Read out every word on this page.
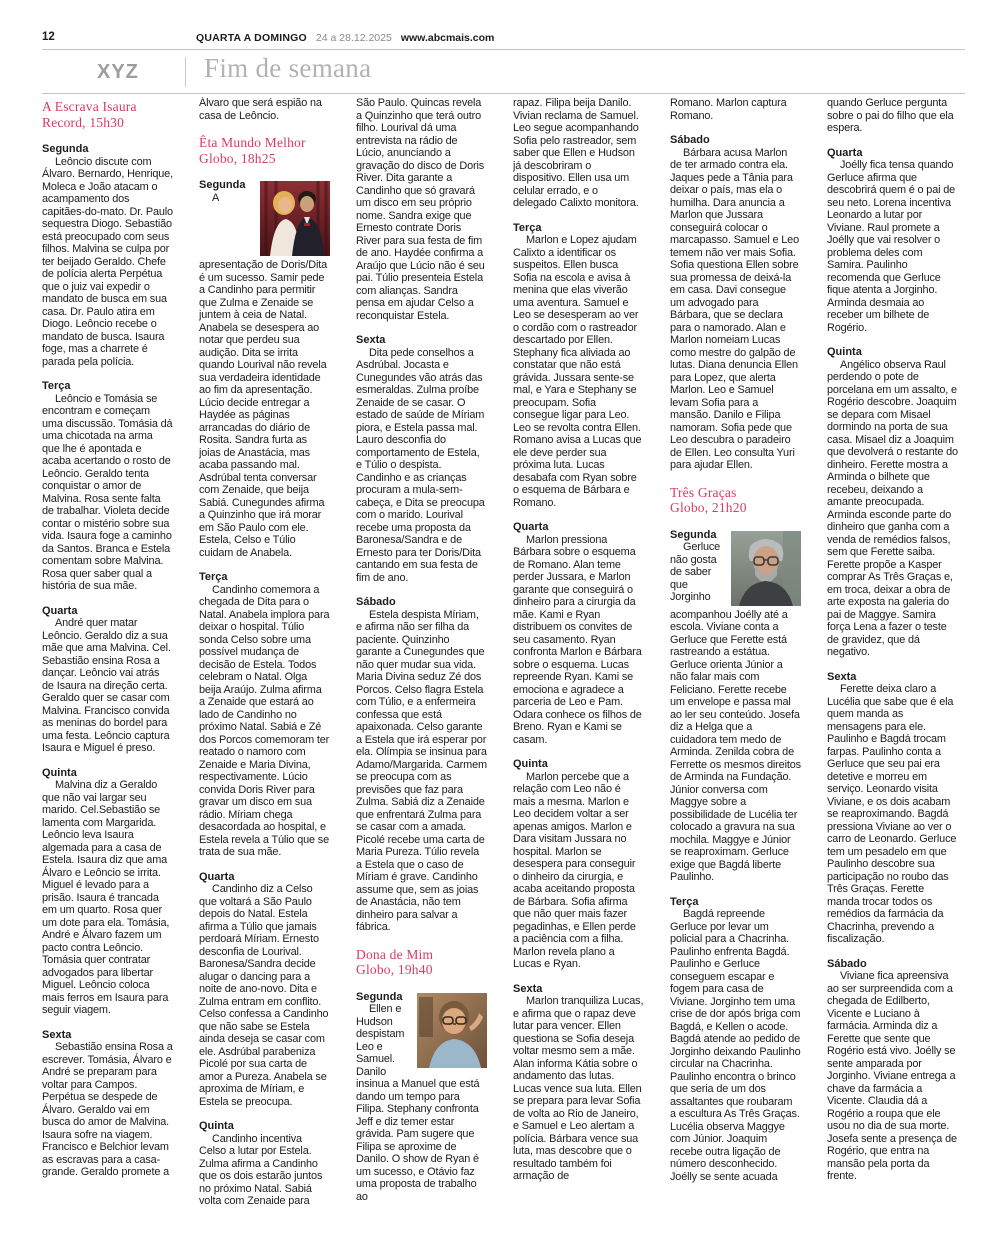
12	QUARTA A DOMINGO 24 a 28.12.2025 www.abcmais.com
XYZ Fim de semana
A Escrava Isaura
Record, 15h30
Segunda

Leôncio discute com Álvaro. Bernardo, Henrique, Moleca e João atacam o acampamento dos capitães-do-mato. Dr. Paulo sequestra Diogo. Sebastião está preocupado com seus filhos. Malvina se culpa por ter beijado Geraldo. Chefe de polícia alerta Perpétua que o juiz vai expedir o mandato de busca em sua casa. Dr. Paulo atira em Diogo. Leôncio recebe o mandato de busca. Isaura foge, mas a charrete é parada pela polícia.

Terça

Leôncio e Tomásia se encontram e começam uma discussão. Tomásia dá uma chicotada na arma que lhe é apontada e acaba acertando o rosto de Leôncio. Geraldo tenta conquistar o amor de Malvina. Rosa sente falta de trabalhar. Violeta decide contar o mistério sobre sua vida. Isaura foge a caminho da Santos. Branca e Estela comentam sobre Malvina. Rosa quer saber qual a história de sua mãe.

Quarta

André quer matar Leôncio. Geraldo diz a sua mãe que ama Malvina. Cel. Sebastião ensina Rosa a dançar. Leôncio vai atrás de Isaura na direção certa. Geraldo quer se casar com Malvina. Francisco convida as meninas do bordel para uma festa. Leôncio captura Isaura e Miguel é preso.

Quinta

Malvina diz a Geraldo que não vai largar seu marido. Cel.Sebastião se lamenta com Margarida. Leôncio leva Isaura algemada para a casa de Estela. Isaura diz que ama Álvaro e Leôncio se irrita. Miguel é levado para a prisão. Isaura é trancada em um quarto. Rosa quer um dote para ela. Tomásia, André e Álvaro fazem um pacto contra Leôncio. Tomásia quer contratar advogados para libertar Miguel. Leôncio coloca mais ferros em Isaura para seguir viagem.

Sexta

Sebastião ensina Rosa a escrever. Tomásia, Álvaro e André se preparam para voltar para Campos. Perpétua se despede de Álvaro. Geraldo vai em busca do amor de Malvina. Isaura sofre na viagem. Francisco e Belchior levam as escravas para a casa-grande. Geraldo promete a

Álvaro que será espião na casa de Leôncio.

Êta Mundo Melhor
Globo, 18h25
Segunda

A apresentação de Doris/Dita é um sucesso. Samir pede a Candinho para permitir que Zulma e Zenaide se juntem à ceia de Natal. Anabela se desespera ao notar que perdeu sua audição. Dita se irrita quando Lourival não revela sua verdadeira identidade ao fim da apresentação. Lúcio decide entregar a Haydée as páginas arrancadas do diário de Rosita. Sandra furta as joias de Anastácia, mas acaba passando mal. Asdrúbal tenta conversar com Zenaide, que beija Sabiá. Cunegundes afirma a Quinzinho que irá morar em São Paulo com ele. Estela, Celso e Túlio cuidam de Anabela.

Terça

Candinho comemora a chegada de Dita para o Natal. Anabela implora para deixar o hospital. Túlio sonda Celso sobre uma possível mudança de decisão de Estela. Todos celebram o Natal. Olga beija Araújo. Zulma afirma a Zenaide que estará ao lado de Candinho no próximo Natal. Sabiá e Zé dos Porcos comemoram ter reatado o namoro com Zenaide e Maria Divina, respectivamente. Lúcio convida Doris River para gravar um disco em sua rádio. Míriam chega desacordada ao hospital, e Estela revela a Túlio que se trata de sua mãe.

Quarta

Candinho diz a Celso que voltará a São Paulo depois do Natal. Estela afirma a Túlio que jamais perdoará Míriam. Ernesto desconfia de Lourival. Baronesa/Sandra decide alugar o dancing para a noite de ano-novo. Dita e Zulma entram em conflito. Celso confessa a Candinho que não sabe se Estela ainda deseja se casar com ele. Asdrúbal parabeniza Picolé por sua carta de amor a Pureza. Anabela se aproxima de Míriam, e Estela se preocupa.

Quinta

Candinho incentiva Celso a lutar por Estela. Zulma afirma a Candinho que os dois estarão juntos no próximo Natal. Sabiá volta com Zenaide para

São Paulo. Quincas revela a Quinzinho que terá outro filho. Lourival dá uma entrevista na rádio de Lúcio, anunciando a gravação do disco de Doris River. Dita garante a Candinho que só gravará um disco em seu próprio nome. Sandra exige que Ernesto contrate Doris River para sua festa de fim de ano. Haydée confirma a Araújo que Lúcio não é seu pai. Túlio presenteia Estela com alianças. Sandra pensa em ajudar Celso a reconquistar Estela.

Sexta

Dita pede conselhos a Asdrúbal. Jocasta e Cunegundes vão atrás das esmeraldas. Zulma proíbe Zenaide de se casar. O estado de saúde de Míriam piora, e Estela passa mal. Lauro desconfia do comportamento de Estela, e Túlio o despista. Candinho e as crianças procuram a mula-sem-cabeça, e Dita se preocupa com o marido. Lourival recebe uma proposta da Baronesa/Sandra e de Ernesto para ter Doris/Dita cantando em sua festa de fim de ano.

Sábado

Estela despista Míriam, e afirma não ser filha da paciente. Quinzinho garante a Cunegundes que não quer mudar sua vida. Maria Divina seduz Zé dos Porcos. Celso flagra Estela com Túlio, e a enfermeira confessa que está apaixonada. Celso garante a Estela que irá esperar por ela. Olímpia se insinua para Adamo/Margarida. Carmem se preocupa com as previsões que faz para Zulma. Sabiá diz a Zenaide que enfrentará Zulma para se casar com a amada. Picolé recebe uma carta de Maria Pureza. Túlio revela a Estela que o caso de Míriam é grave. Candinho assume que, sem as joias de Anastácia, não tem dinheiro para salvar a fábrica.

Dona de Mim
Globo, 19h40
Segunda

Ellen e Hudson despistam Leo e Samuel. Danilo insinua a Manuel que está dando um tempo para Filipa. Stephany confronta Jeff e diz temer estar grávida. Pam sugere que Filipa se aproxime de Danilo. O show de Ryan é um sucesso, e Otávio faz uma proposta de trabalho ao

rapaz. Filipa beija Danilo. Vivian reclama de Samuel. Leo segue acompanhando Sofia pelo rastreador, sem saber que Ellen e Hudson já descobriram o dispositivo. Ellen usa um celular errado, e o delegado Calixto monitora.

Terça

Marlon e Lopez ajudam Calixto a identificar os suspeitos. Ellen busca Sofia na escola e avisa à menina que elas viverão uma aventura. Samuel e Leo se desesperam ao ver o cordão com o rastreador descartado por Ellen. Stephany fica aliviada ao constatar que não está grávida. Jussara sente-se mal, e Yara e Stephany se preocupam. Sofia consegue ligar para Leo. Leo se revolta contra Ellen. Romano avisa a Lucas que ele deve perder sua próxima luta. Lucas desabafa com Ryan sobre o esquema de Bárbara e Romano.

Quarta

Marlon pressiona Bárbara sobre o esquema de Romano. Alan teme perder Jussara, e Marlon garante que conseguirá o dinheiro para a cirurgia da mãe. Kami e Ryan distribuem os convites de seu casamento. Ryan confronta Marlon e Bárbara sobre o esquema. Lucas repreende Ryan. Kami se emociona e agradece a parceria de Leo e Pam. Odara conhece os filhos de Breno. Ryan e Kami se casam.

Quinta

Marlon percebe que a relação com Leo não é mais a mesma. Marlon e Leo decidem voltar a ser apenas amigos. Marlon e Dara visitam Jussara no hospital. Marlon se desespera para conseguir o dinheiro da cirurgia, e acaba aceitando proposta de Bárbara. Sofia afirma que não quer mais fazer pegadinhas, e Ellen perde a paciência com a filha. Marlon revela plano a Lucas e Ryan.

Sexta

Marlon tranquiliza Lucas, e afirma que o rapaz deve lutar para vencer. Ellen questiona se Sofia deseja voltar mesmo sem a mãe. Alan informa Kátia sobre o andamento das lutas. Lucas vence sua luta. Ellen se prepara para levar Sofia de volta ao Rio de Janeiro, e Samuel e Leo alertam a polícia. Bárbara vence sua luta, mas descobre que o resultado também foi armação de

Romano. Marlon captura Romano.

Sábado

Bárbara acusa Marlon de ter armado contra ela. Jaques pede a Tânia para deixar o país, mas ela o humilha. Dara anuncia a Marlon que Jussara conseguirá colocar o marcapasso. Samuel e Leo temem não ver mais Sofia. Sofia questiona Ellen sobre sua promessa de deixá-la em casa. Davi consegue um advogado para Bárbara, que se declara para o namorado. Alan e Marlon nomeiam Lucas como mestre do galpão de lutas. Diana denuncia Ellen para Lopez, que alerta Marlon. Leo e Samuel levam Sofia para a mansão. Danilo e Filipa namoram. Sofia pede que Leo descubra o paradeiro de Ellen. Leo consulta Yuri para ajudar Ellen.

Três Graças
Globo, 21h20
Segunda

Gerluce não gosta de saber que Jorginho acompanhou Joélly até a escola. Viviane conta a Gerluce que Ferette está rastreando a estátua. Gerluce orienta Júnior a não falar mais com Feliciano. Ferette recebe um envelope e passa mal ao ler seu conteúdo. Josefa diz a Helga que a cuidadora tem medo de Arminda. Zenilda cobra de Ferrette os mesmos direitos de Arminda na Fundação. Júnior conversa com Maggye sobre a possibilidade de Lucélia ter colocado a gravura na sua mochila. Maggye e Júnior se reaproximam. Gerluce exige que Bagdá liberte Paulinho.

Terça

Bagdá repreende Gerluce por levar um policial para a Chacrinha. Paulinho enfrenta Bagdá. Paulinho e Gerluce conseguem escapar e fogem para casa de Viviane. Jorginho tem uma crise de dor após briga com Bagdá, e Kellen o acode. Bagdá atende ao pedido de Jorginho deixando Paulinho circular na Chacrinha. Paulinho encontra o brinco que seria de um dos assaltantes que roubaram a escultura As Três Graças. Lucélia observa Maggye com Júnior. Joaquim recebe outra ligação de número desconhecido. Joélly se sente acuada

quando Gerluce pergunta sobre o pai do filho que ela espera.

Quarta

Joélly fica tensa quando Gerluce afirma que descobrirá quem é o pai de seu neto. Lorena incentiva Leonardo a lutar por Viviane. Raul promete a Joélly que vai resolver o problema deles com Samira. Paulinho recomenda que Gerluce fique atenta a Jorginho. Arminda desmaia ao receber um bilhete de Rogério.

Quinta

Angélico observa Raul perdendo o pote de porcelana em um assalto, e Rogério descobre. Joaquim se depara com Misael dormindo na porta de sua casa. Misael diz a Joaquim que devolverá o restante do dinheiro. Ferette mostra a Arminda o bilhete que recebeu, deixando a amante preocupada. Arminda esconde parte do dinheiro que ganha com a venda de remédios falsos, sem que Ferette saiba. Ferette propõe a Kasper comprar As Três Graças e, em troca, deixar a obra de arte exposta na galeria do pai de Maggye. Samira força Lena a fazer o teste de gravidez, que dá negativo.

Sexta

Ferette deixa claro a Lucélia que sabe que é ela quem manda as mensagens para ele. Paulinho e Bagdá trocam farpas. Paulinho conta a Gerluce que seu pai era detetive e morreu em serviço. Leonardo visita Viviane, e os dois acabam se reaproximando. Bagdá pressiona Viviane ao ver o carro de Leonardo. Gerluce tem um pesadelo em que Paulinho descobre sua participação no roubo das Três Graças. Ferette manda trocar todos os remédios da farmácia da Chacrinha, prevendo a fiscalização.

Sábado

Viviane fica apreensiva ao ser surpreendida com a chegada de Edilberto, Vicente e Luciano à farmácia. Arminda diz a Ferette que sente que Rogério está vivo. Joélly se sente amparada por Jorginho. Viviane entrega a chave da farmácia a Vicente. Claudia dá a Rogério a roupa que ele usou no dia de sua morte. Josefa sente a presença de Rogério, que entra na mansão pela porta da frente.
